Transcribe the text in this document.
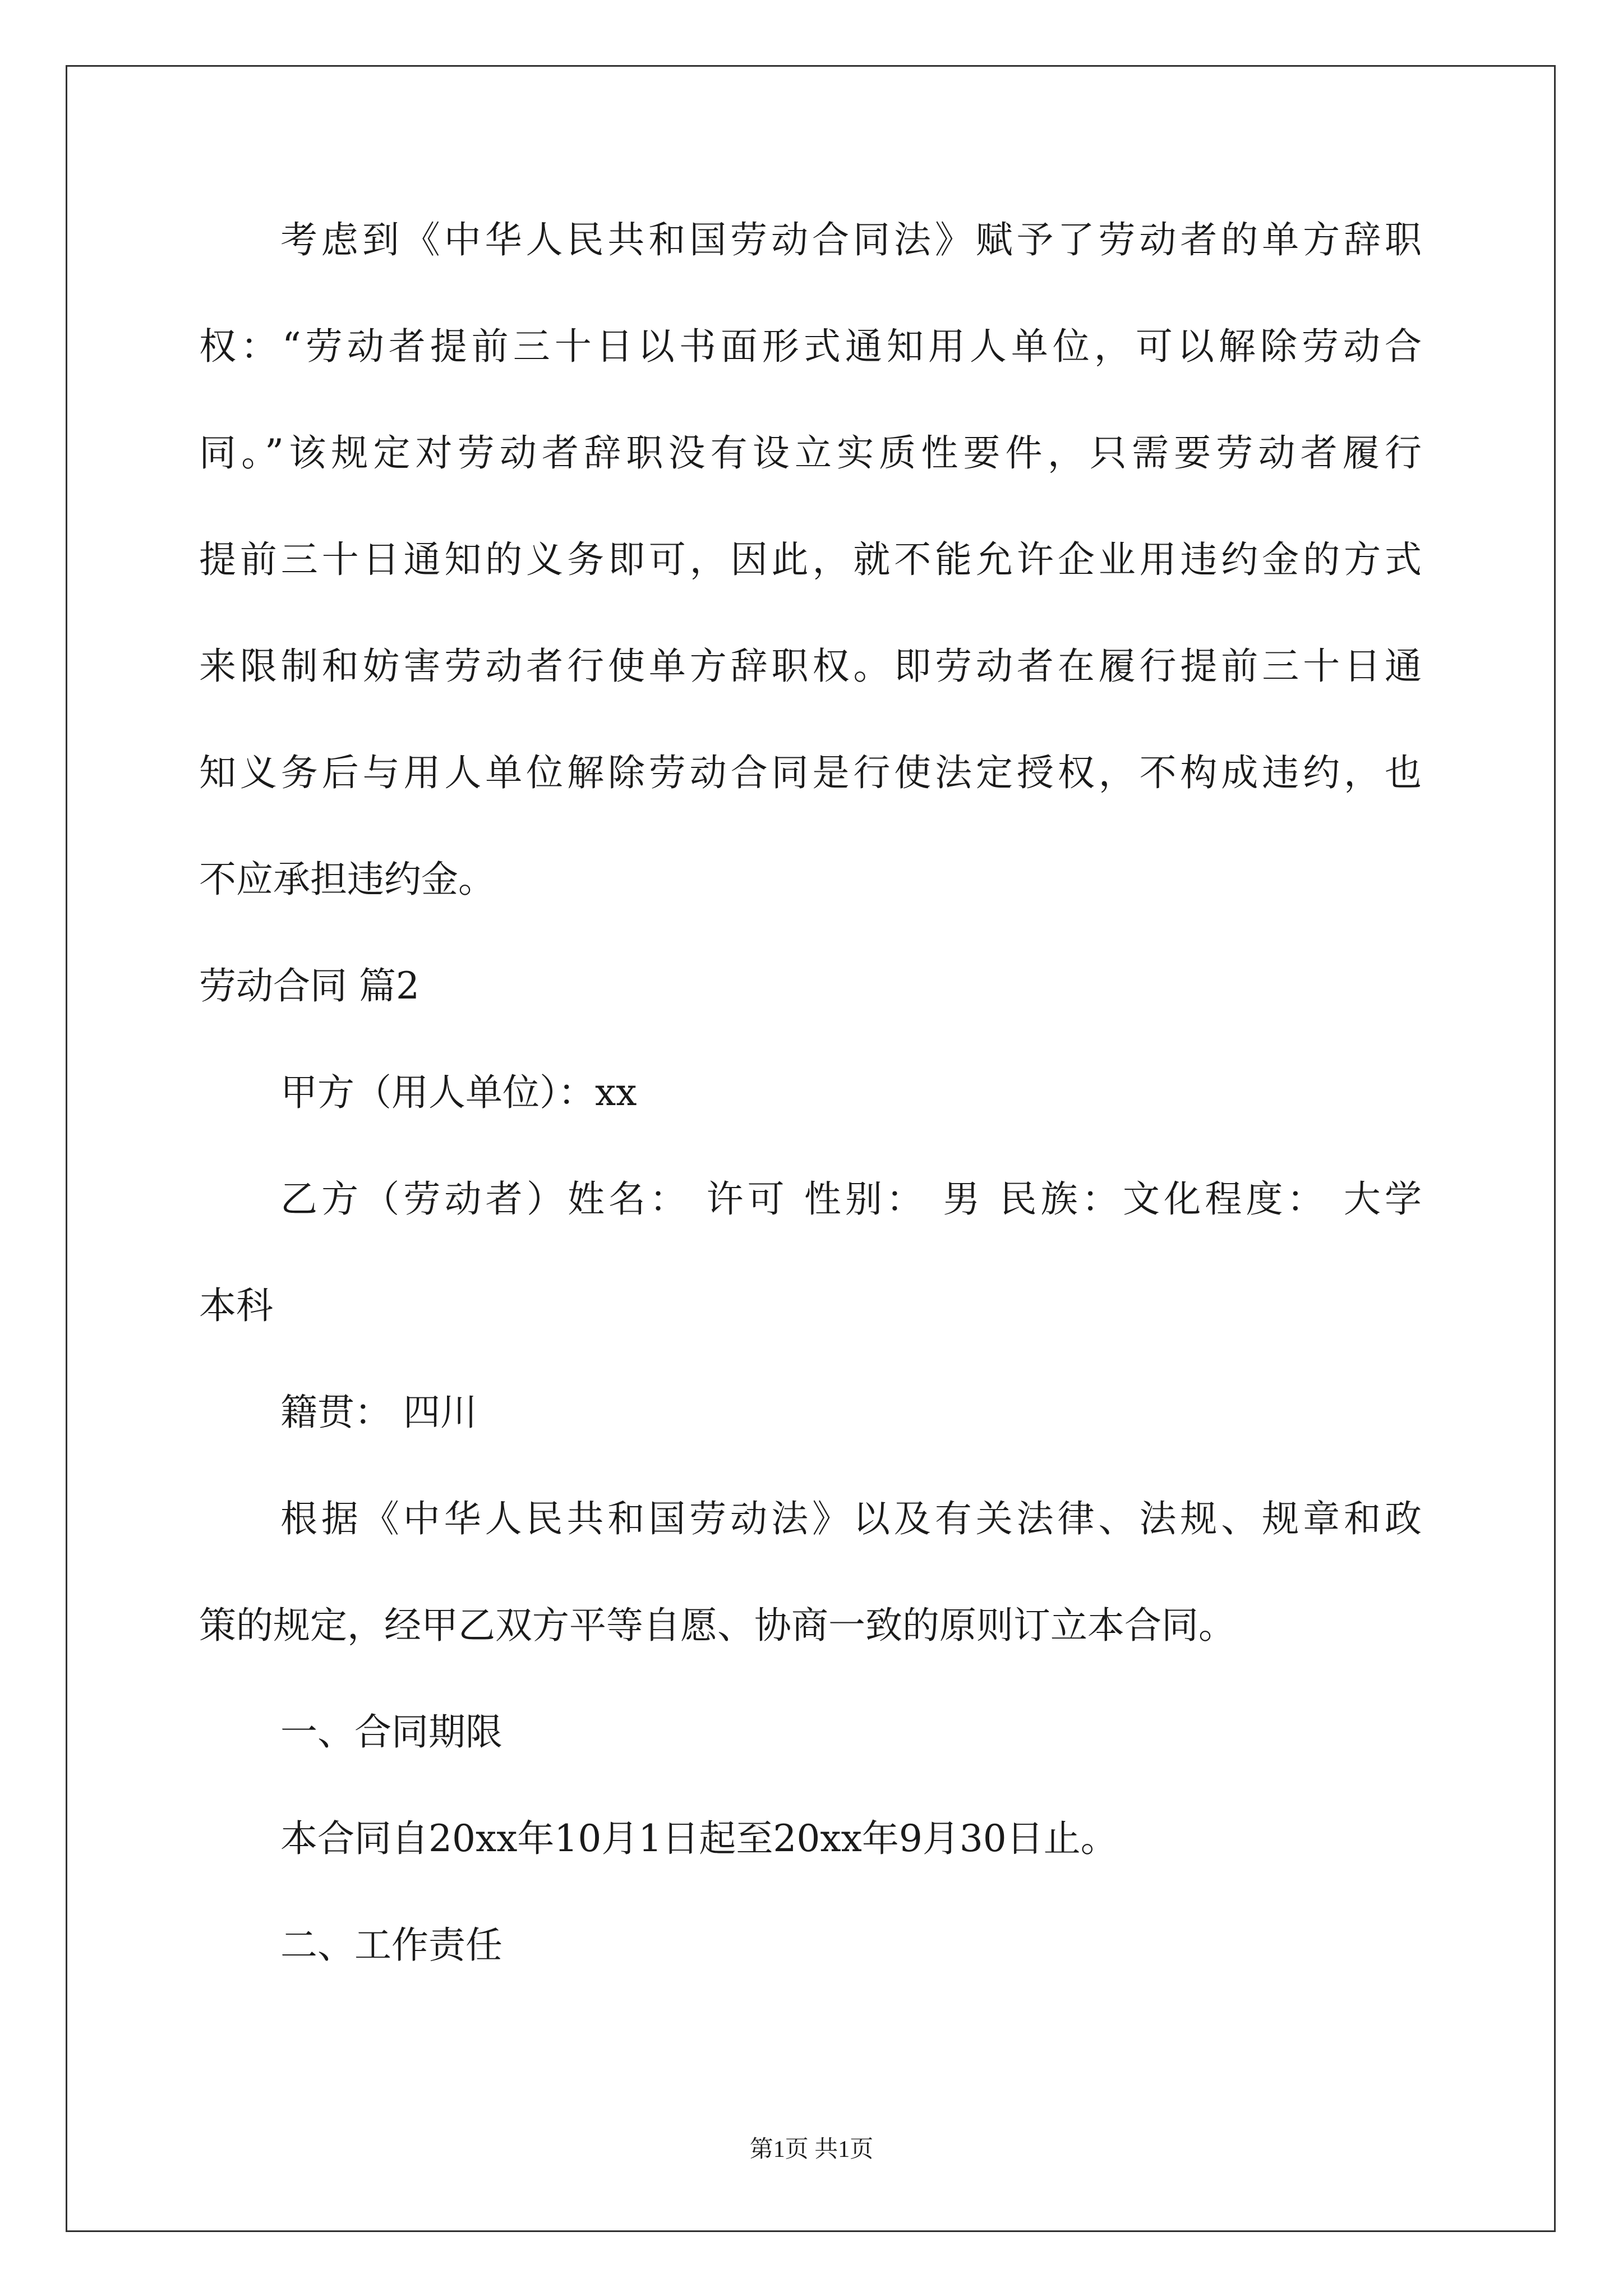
考虑到《中华人民共和国劳动合同法》赋予了劳动者的单方辞职
权：“劳动者提前三十日以书面形式通知用人单位，可以解除劳动合
同。”该规定对劳动者辞职没有设立实质性要件，只需要劳动者履行
提前三十日通知的义务即可，因此，就不能允许企业用违约金的方式
来限制和妨害劳动者行使单方辞职权。即劳动者在履行提前三十日通
知义务后与用人单位解除劳动合同是行使法定授权，不构成违约，也
不应承担违约金。
劳动合同 篇2
甲方（用人单位）：xx
乙方（劳动者）姓名： 许可 性别： 男 民族：文化程度： 大学
本科
籍贯： 四川
根据《中华人民共和国劳动法》以及有关法律、法规、规章和政
策的规定，经甲乙双方平等自愿、协商一致的原则订立本合同。
一、合同期限
本合同自20xx年10月1日起至20xx年9月30日止。
二、工作责任
第1页 共1页
